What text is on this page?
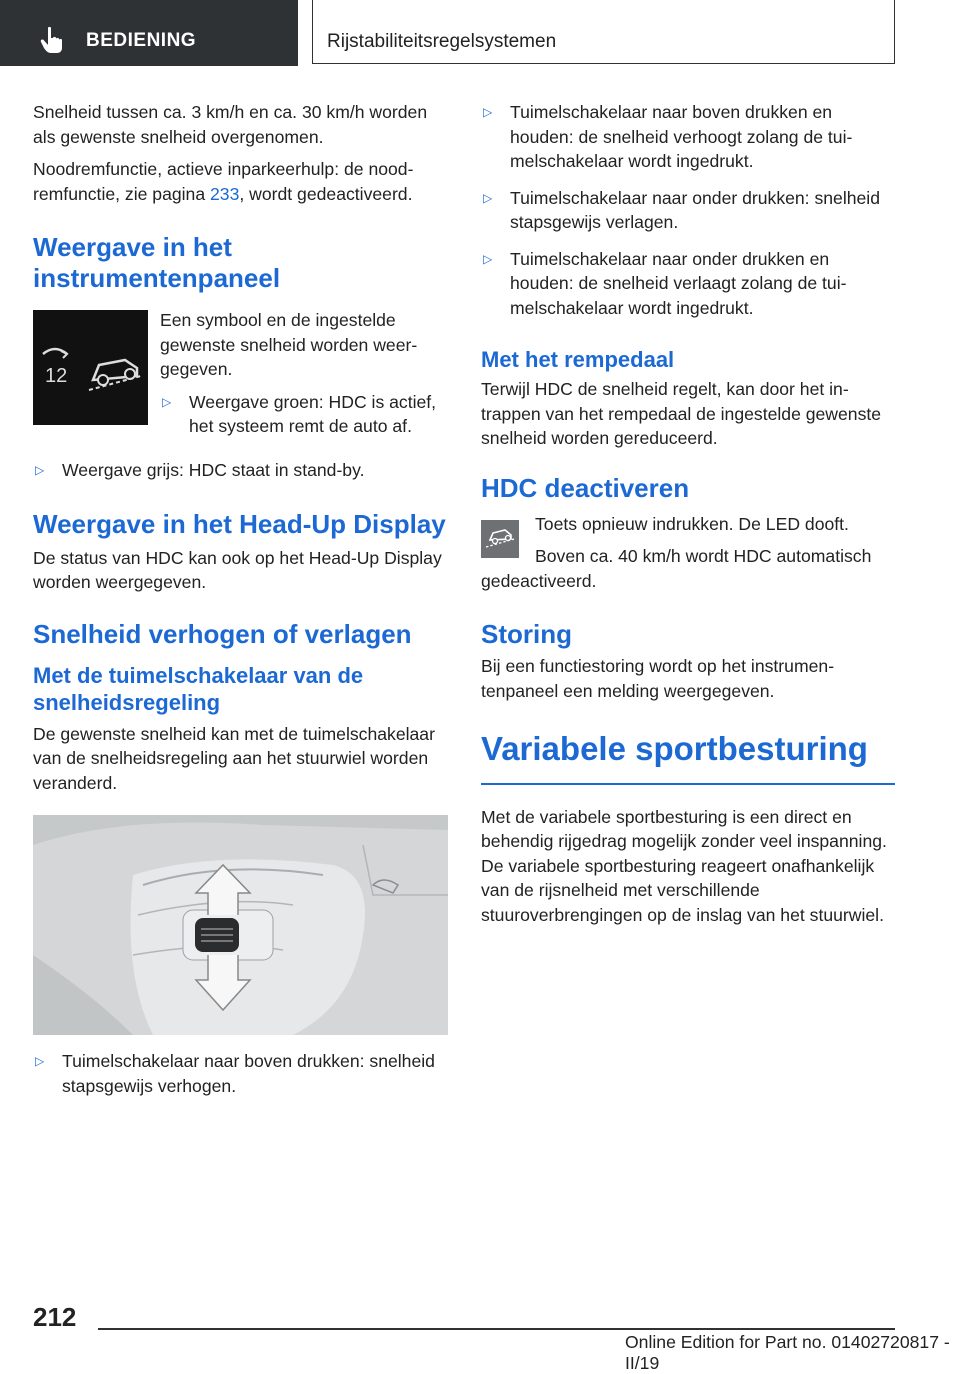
BEDIENING	Rijstabiliteitsregelsystemen

Snelheid tussen ca. 3 km/h en ca. 30 km/h worden als gewenste snelheid overgenomen.

Noodremfunctie, actieve inparkeerhulp: de noodremfunctie, zie pagina 233, wordt gedeactiveerd.

Weergave in het instrumentenpaneel
12

Een symbool en de ingestelde gewenste snelheid worden weergegeven.

▷ Weergave groen: HDC is actief, het systeem remt de auto af.
▷ Weergave grijs: HDC staat in stand-by.
Weergave in het Head-Up Display

De status van HDC kan ook op het Head-Up Display worden weergegeven.

Snelheid verhogen of verlagen
Met de tuimelschakelaar van de snelheidsregeling

De gewenste snelheid kan met de tuimelschakelaar van de snelheidsregeling aan het stuurwiel worden veranderd.

▷ Tuimelschakelaar naar boven drukken: snelheid stapsgewijs verhogen.
▷ Tuimelschakelaar naar boven drukken en houden: de snelheid verhoogt zolang de tuimelschakelaar wordt ingedrukt.
▷ Tuimelschakelaar naar onder drukken: snelheid stapsgewijs verlagen.
▷ Tuimelschakelaar naar onder drukken en houden: de snelheid verlaagt zolang de tuimelschakelaar wordt ingedrukt.
Met het rempedaal

Terwijl HDC de snelheid regelt, kan door het intrappen van het rempedaal de ingestelde gewenste snelheid worden gereduceerd.

HDC deactiveren

Toets opnieuw indrukken. De LED dooft.

Boven ca. 40 km/h wordt HDC automatisch gedeactiveerd.

Storing

Bij een functiestoring wordt op het instrumentenpaneel een melding weergegeven.

Variabele sportbesturing

Met de variabele sportbesturing is een direct en behendig rijgedrag mogelijk zonder veel inspanning. De variabele sportbesturing reageert onafhankelijk van de rijsnelheid met verschillende stuuroverbrengingen op de inslag van het stuurwiel.

212
Online Edition for Part no. 01402720817 - II/19
